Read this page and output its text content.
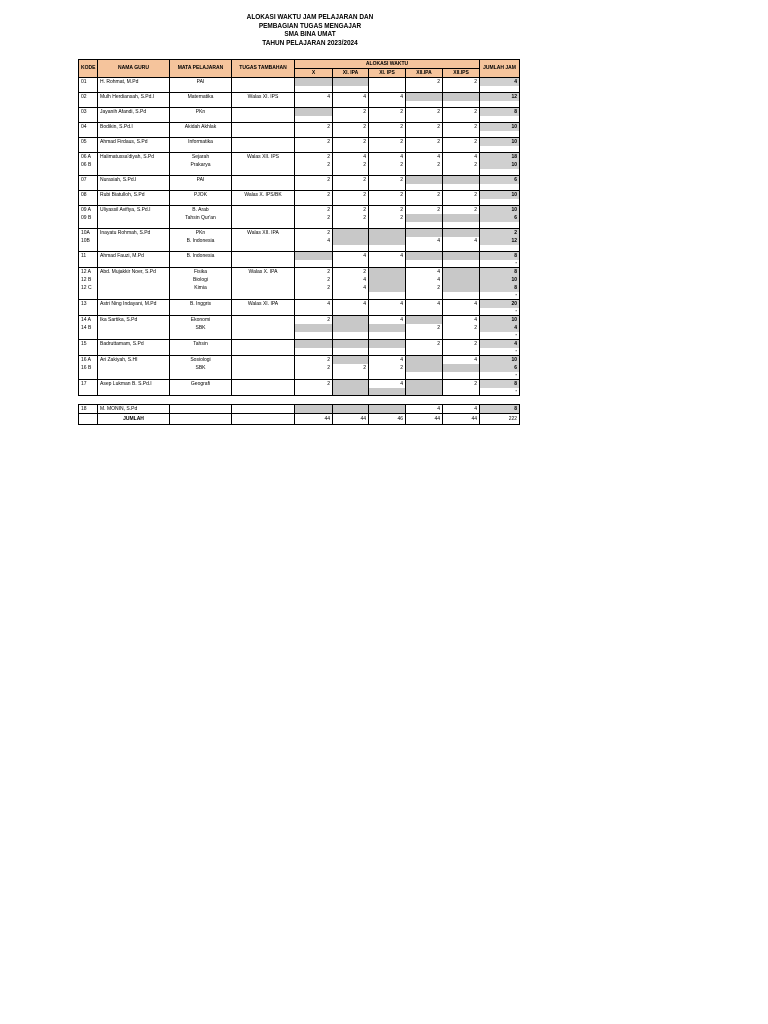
ALOKASI WAKTU JAM PELAJARAN DAN
PEMBAGIAN TUGAS MENGAJAR
SMA BINA UMAT
TAHUN PELAJARAN 2023/2024
KODE	NAMA GURU	MATA PELAJARAN	TUGAS TAMBAHAN	ALOKASI WAKTU					JUMLAH JAM
				X	XI. IPA	XI. IPS	XII.IPA	XII.IPS	
01	H. Rohmat, M.Pd	PAI					2	2	4

02	Mulh Herdiansah, S.Pd.I	Matematika	Walas XI. IPS	4	4	4			12

03	Jayanih Afandi, S.Pd	PKn			2	2	2	2	8

04	Bodikin, S.Pd.I	Akidah Akhlak		2	2	2	2	2	10

05	Ahmad Firdaus, S.Pd	Informatika		2	2	2	2	2	10

06 A	Halimatussa'diyah, S.Pd	Sejarah	Walas XII. IPS	2	4	4	4	4	18
06 B		Prakarya		2	2	2	2	2	10

07	Nurasiah, S.Pd.I	PAI		2	2	2			6

08	Rubi Biatulloh, S.Pd	PJOK	Walas X. IPS/BK	2	2	2	2	2	10

09 A	Uliyassil Avifiya, S.Pd.I	B. Arab		2	2	2	2	2	10
09 B		Tahsin Qur'an		2	2	2			6

10A	Inayatu Rohmah, S.Pd	PKn	Walas XII. IPA	2					2
10B		B. Indonesia		4			4	4	12

11	Ahmad Fauzi, M.Pd	B. Indonesia			4	4			8
									-
12 A	Abd. Mujakkir Noer, S.Pd	Fisika	Walas X. IPA	2	2		4		8
12 B		Biologi		2	4		4		10
12 C		Kimia		2	4		2		8
									-
13	Astri Ning Indayani, M.Pd	B. Inggris	Walas XI. IPA	4	4	4	4	4	20
									-
14 A	Ika Sartika, S.Pd	Ekonomi		2		4		4	10
14 B		SBK					2	2	4
									-
15	Badruttamam, S.Pd	Tahsin					2	2	4
									-
16 A	Ari Zakiyah, S.HI	Sosiologi		2		4		4	10
16 B		SBK		2	2	2			6
									-
17	Asep Lukman B. S.Pd.I	Geografi		2		4		2	8
									-

18	M. MONIN, S.Pd						4	4	8
	JUMLAH			44	44	46	44	44	222
